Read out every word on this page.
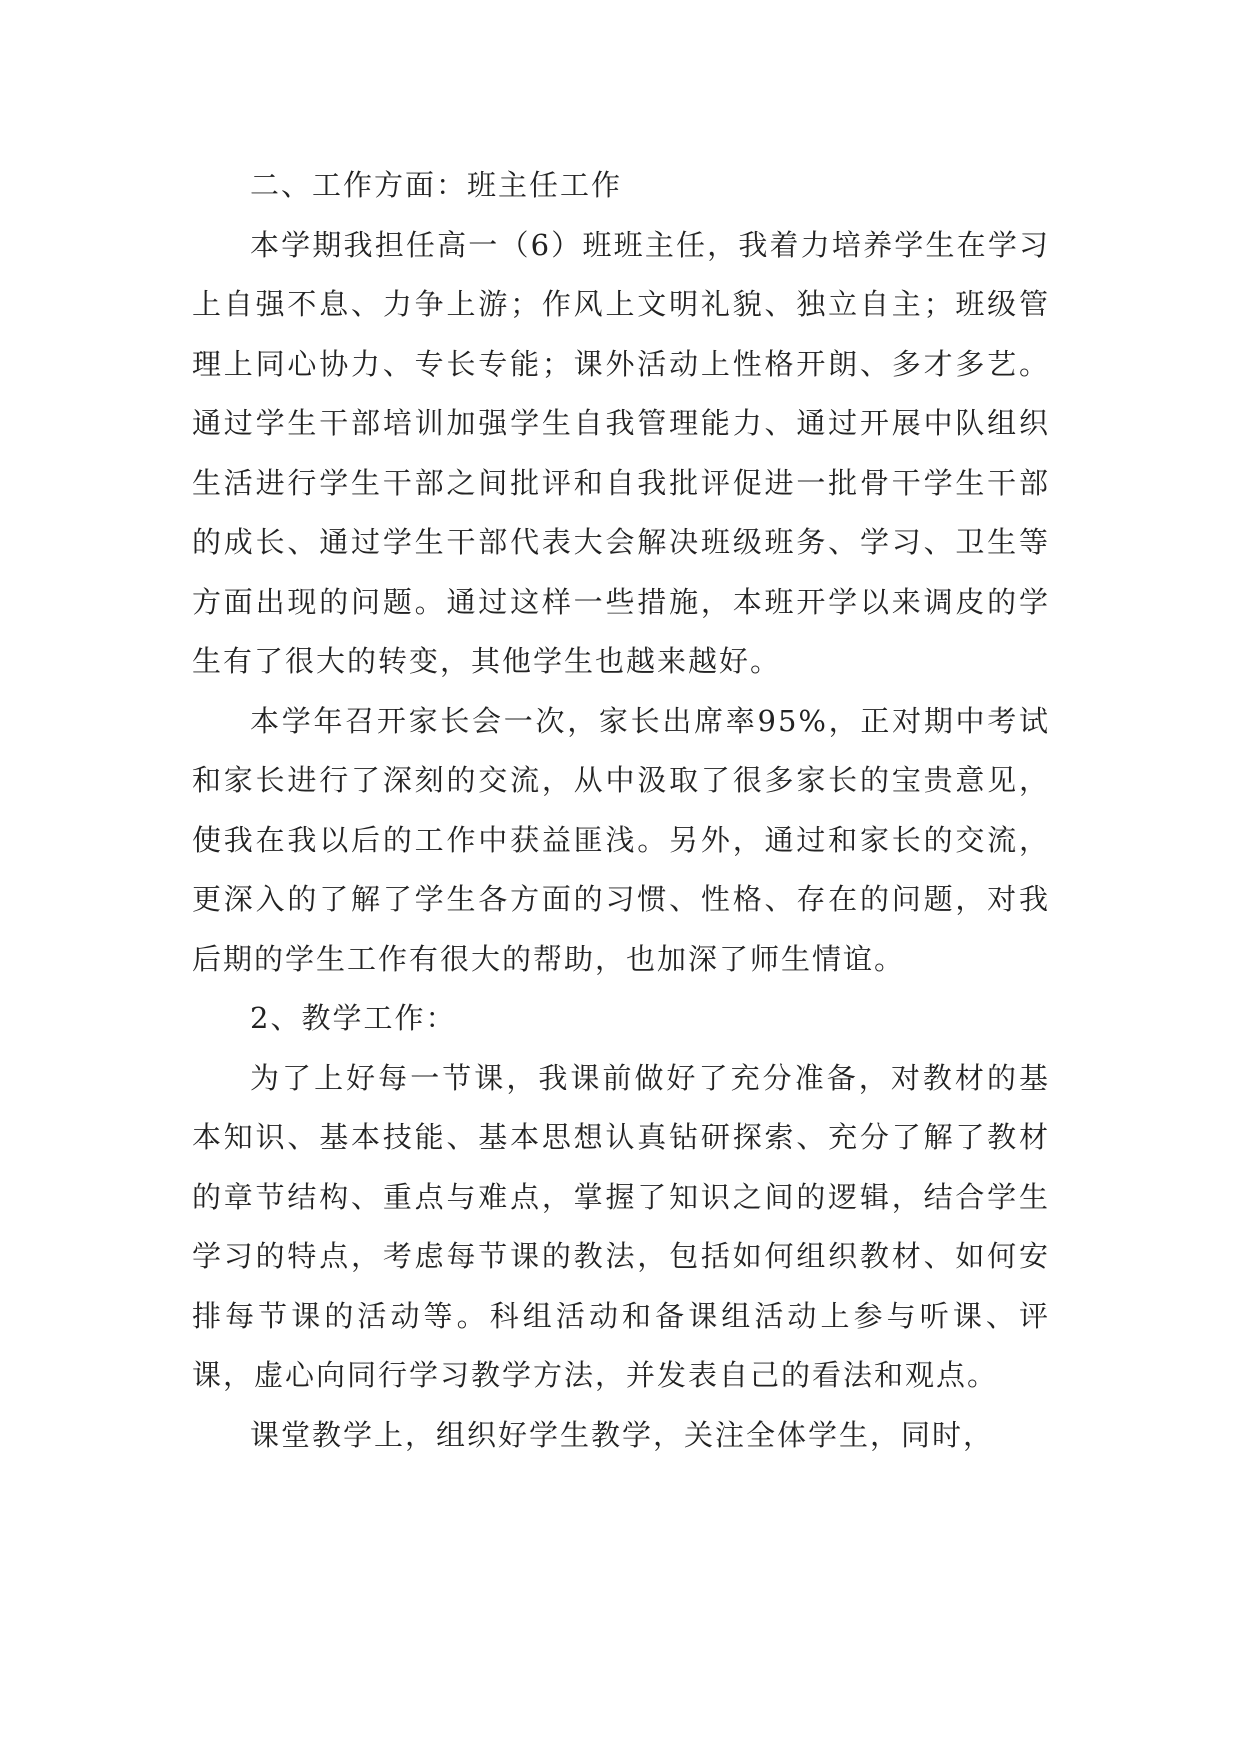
二、工作方面：班主任工作

本学期我担任高一（6）班班主任，我着力培养学生在学习上自强不息、力争上游；作风上文明礼貌、独立自主；班级管理上同心协力、专长专能；课外活动上性格开朗、多才多艺。通过学生干部培训加强学生自我管理能力、通过开展中队组织生活进行学生干部之间批评和自我批评促进一批骨干学生干部的成长、通过学生干部代表大会解决班级班务、学习、卫生等方面出现的问题。通过这样一些措施，本班开学以来调皮的学生有了很大的转变，其他学生也越来越好。

本学年召开家长会一次，家长出席率95%，正对期中考试和家长进行了深刻的交流，从中汲取了很多家长的宝贵意见，使我在我以后的工作中获益匪浅。另外，通过和家长的交流，更深入的了解了学生各方面的习惯、性格、存在的问题，对我后期的学生工作有很大的帮助，也加深了师生情谊。

2、教学工作：

为了上好每一节课，我课前做好了充分准备，对教材的基本知识、基本技能、基本思想认真钻研探索、充分了解了教材的章节结构、重点与难点，掌握了知识之间的逻辑，结合学生学习的特点，考虑每节课的教法，包括如何组织教材、如何安排每节课的活动等。科组活动和备课组活动上参与听课、评课，虚心向同行学习教学方法，并发表自己的看法和观点。

课堂教学上，组织好学生教学，关注全体学生，同时，
